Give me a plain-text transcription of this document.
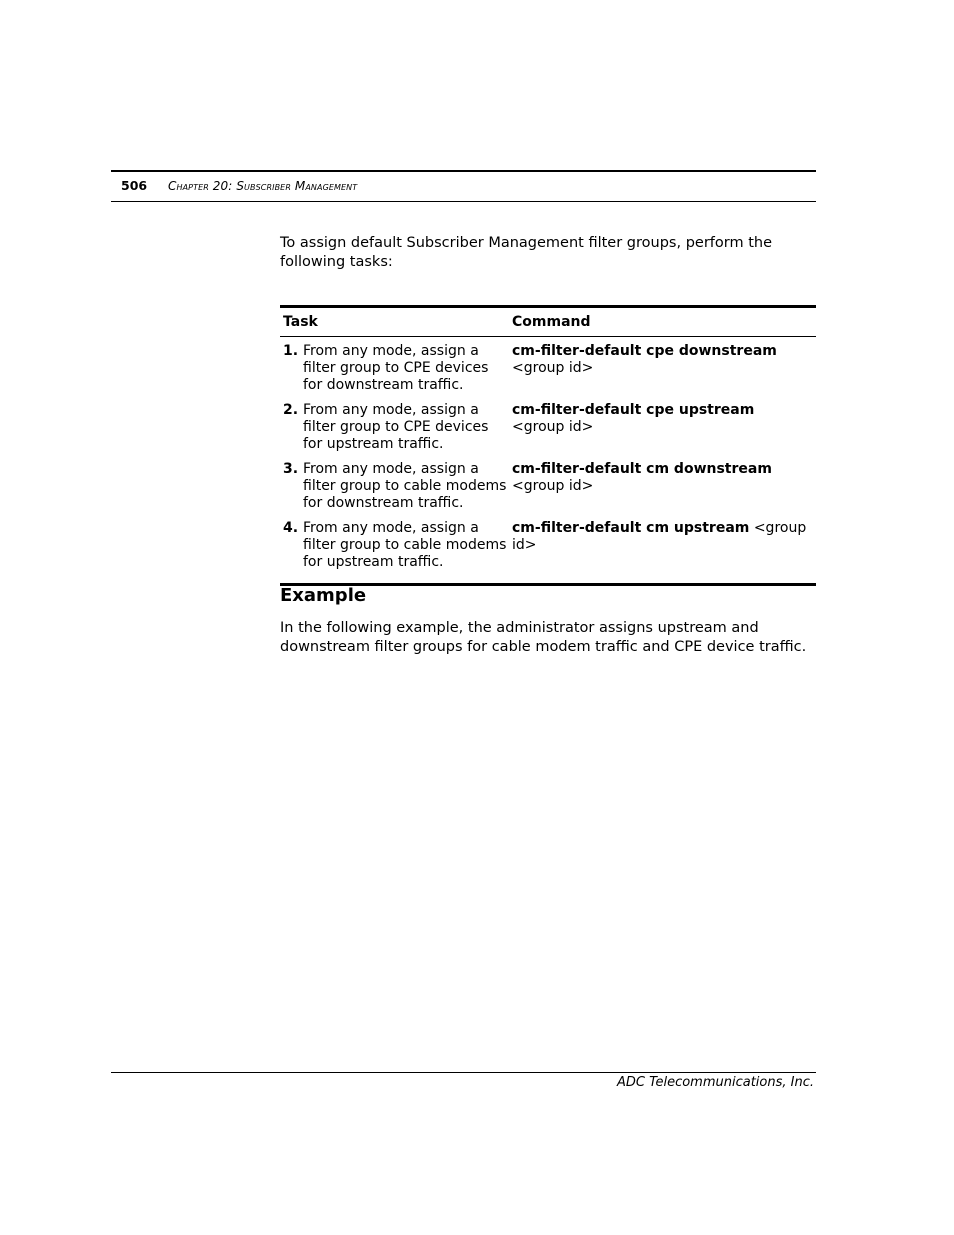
506 Chapter 20: Subscriber Management

To assign default Subscriber Management filter groups, perform the following tasks:

Task	Command
1. From any mode, assign a filter group to CPE devices for downstream traffic.
cm-filter-default cpe downstream
<group id>
2. From any mode, assign a filter group to CPE devices for upstream traffic.
cm-filter-default cpe upstream
<group id>
3. From any mode, assign a filter group to cable modems for downstream traffic.
cm-filter-default cm downstream
<group id>
4. From any mode, assign a filter group to cable modems for upstream traffic.
cm-filter-default cm upstream <group id>
Example

In the following example, the administrator assigns upstream and downstream filter groups for cable modem traffic and CPE device traffic.

ADC Telecommunications, Inc.
